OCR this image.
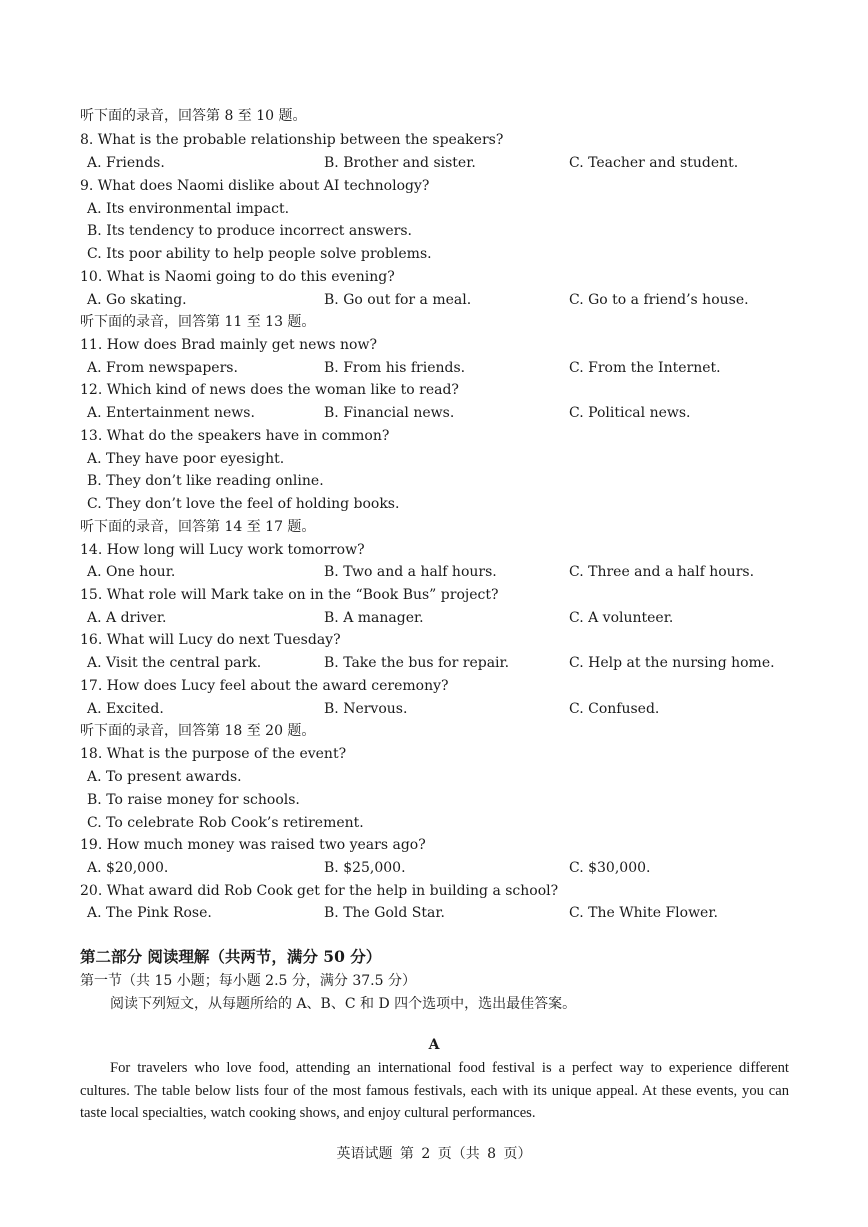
听下面的录音，回答第 8 至 10 题。
8. What is the probable relationship between the speakers?
A. Friends.	B. Brother and sister.	C. Teacher and student.
9. What does Naomi dislike about AI technology?
A. Its environmental impact.
B. Its tendency to produce incorrect answers.
C. Its poor ability to help people solve problems.
10. What is Naomi going to do this evening?
A. Go skating.	B. Go out for a meal.	C. Go to a friend’s house.
听下面的录音，回答第 11 至 13 题。
11. How does Brad mainly get news now?
A. From newspapers.	B. From his friends.	C. From the Internet.
12. Which kind of news does the woman like to read?
A. Entertainment news.	B. Financial news.	C. Political news.
13. What do the speakers have in common?
A. They have poor eyesight.
B. They don’t like reading online.
C. They don’t love the feel of holding books.
听下面的录音，回答第 14 至 17 题。
14. How long will Lucy work tomorrow?
A. One hour.	B. Two and a half hours.	C. Three and a half hours.
15. What role will Mark take on in the “Book Bus” project?
A. A driver.	B. A manager.	C. A volunteer.
16. What will Lucy do next Tuesday?
A. Visit the central park.	B. Take the bus for repair.	C. Help at the nursing home.
17. How does Lucy feel about the award ceremony?
A. Excited.	B. Nervous.	C. Confused.
听下面的录音，回答第 18 至 20 题。
18. What is the purpose of the event?
A. To present awards.
B. To raise money for schools.
C. To celebrate Rob Cook’s retirement.
19. How much money was raised two years ago?
A. $20,000.	B. $25,000.	C. $30,000.
20. What award did Rob Cook get for the help in building a school?
A. The Pink Rose.	B. The Gold Star.	C. The White Flower.
第二部分 阅读理解（共两节，满分 50 分）
第一节（共 15 小题；每小题 2.5 分，满分 37.5 分）
阅读下列短文，从每题所给的 A、B、C 和 D 四个选项中，选出最佳答案。
A
For travelers who love food, attending an international food festival is a perfect way to experience different cultures. The table below lists four of the most famous festivals, each with its unique appeal. At these events, you can taste local specialties, watch cooking shows, and enjoy cultural performances.
英语试题 第 2 页（共 8 页）
